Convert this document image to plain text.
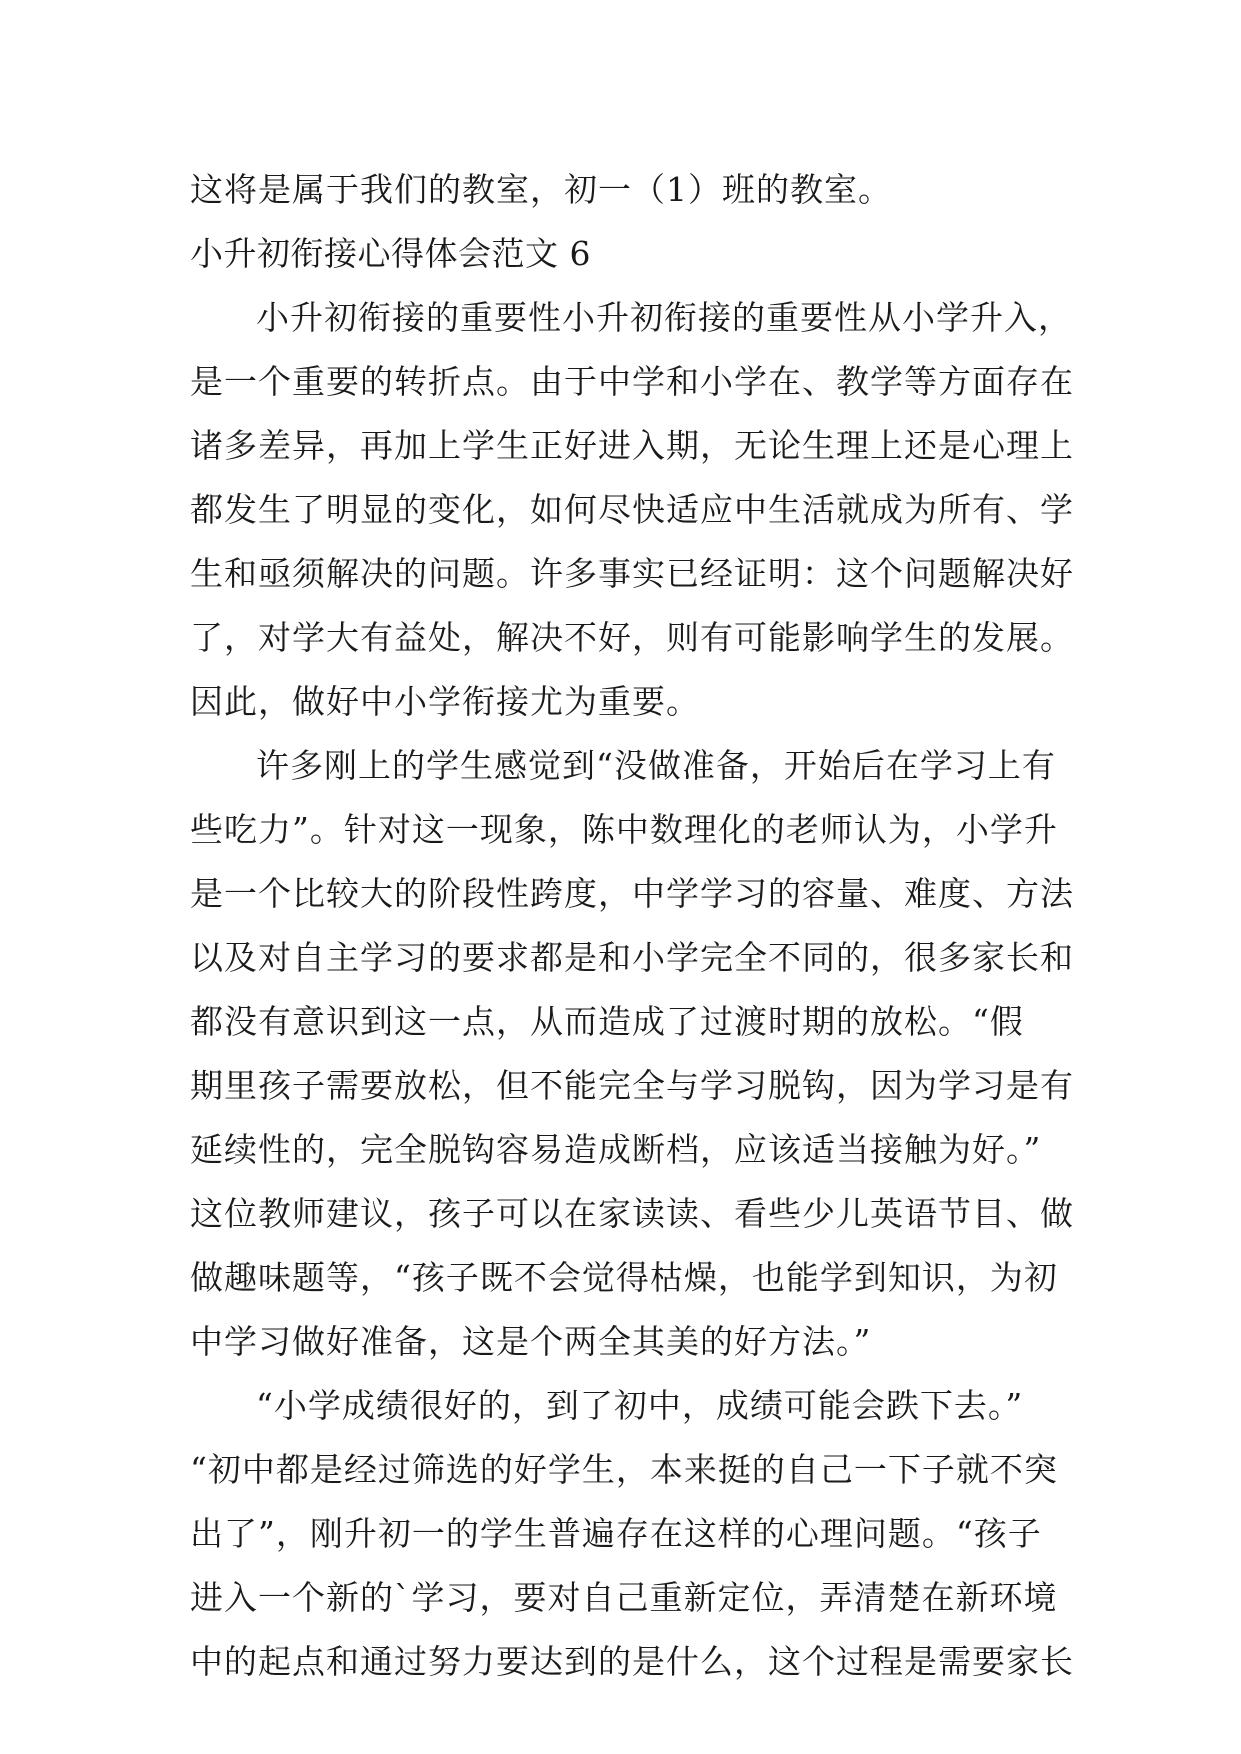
这将是属于我们的教室，初一（1）班的教室。
小升初衔接心得体会范文 6
小升初衔接的重要性小升初衔接的重要性从小学升入，
是一个重要的转折点。由于中学和小学在、教学等方面存在
诸多差异，再加上学生正好进入期，无论生理上还是心理上
都发生了明显的变化，如何尽快适应中生活就成为所有、学
生和亟须解决的问题。许多事实已经证明：这个问题解决好
了，对学大有益处，解决不好，则有可能影响学生的发展。
因此，做好中小学衔接尤为重要。
许多刚上的学生感觉到“没做准备，开始后在学习上有
些吃力”。针对这一现象，陈中数理化的老师认为，小学升
是一个比较大的阶段性跨度，中学学习的容量、难度、方法
以及对自主学习的要求都是和小学完全不同的，很多家长和
都没有意识到这一点，从而造成了过渡时期的放松。“假
期里孩子需要放松，但不能完全与学习脱钩，因为学习是有
延续性的，完全脱钩容易造成断档，应该适当接触为好。”
这位教师建议，孩子可以在家读读、看些少儿英语节目、做
做趣味题等，“孩子既不会觉得枯燥，也能学到知识，为初
中学习做好准备，这是个两全其美的好方法。”
“小学成绩很好的，到了初中，成绩可能会跌下去。”
“初中都是经过筛选的好学生，本来挺的自己一下子就不突
出了”，刚升初一的学生普遍存在这样的心理问题。“孩子
进入一个新的`学习，要对自己重新定位，弄清楚在新环境
中的起点和通过努力要达到的是什么，这个过程是需要家长
